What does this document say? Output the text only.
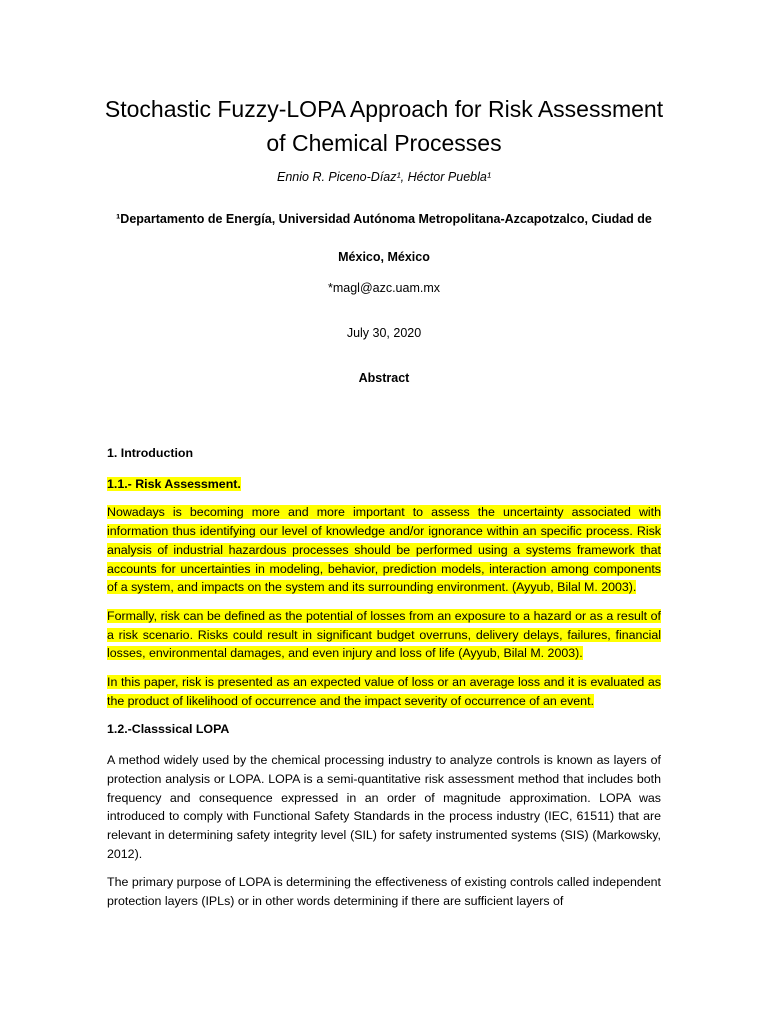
Stochastic Fuzzy-LOPA Approach for Risk Assessment
of Chemical Processes
Ennio R. Piceno-Díaz¹, Héctor Puebla¹
¹Departamento de Energía, Universidad Autónoma Metropolitana-Azcapotzalco, Ciudad de
México, México
*magl@azc.uam.mx
July 30, 2020
Abstract
1. Introduction
1.1.- Risk Assessment.

Nowadays is becoming more and more important to assess the uncertainty associated with information thus identifying our level of knowledge and/or ignorance within an specific process. Risk analysis of industrial hazardous processes should be performed using a systems framework that accounts for uncertainties in modeling, behavior, prediction models, interaction among components of a system, and impacts on the system and its surrounding environment. (Ayyub, Bilal M. 2003).

Formally, risk can be defined as the potential of losses from an exposure to a hazard or as a result of a risk scenario. Risks could result in significant budget overruns, delivery delays, failures, financial losses, environmental damages, and even injury and loss of life (Ayyub, Bilal M. 2003).

In this paper, risk is presented as an expected value of loss or an average loss and it is evaluated as the product of likelihood of occurrence and the impact severity of occurrence of an event.

1.2.-Classsical LOPA

A method widely used by the chemical processing industry to analyze controls is known as layers of protection analysis or LOPA. LOPA is a semi-quantitative risk assessment method that includes both frequency and consequence expressed in an order of magnitude approximation. LOPA was introduced to comply with Functional Safety Standards in the process industry (IEC, 61511) that are relevant in determining safety integrity level (SIL) for safety instrumented systems (SIS) (Markowsky, 2012).

The primary purpose of LOPA is determining the effectiveness of existing controls called independent protection layers (IPLs) or in other words determining if there are sufficient layers of
